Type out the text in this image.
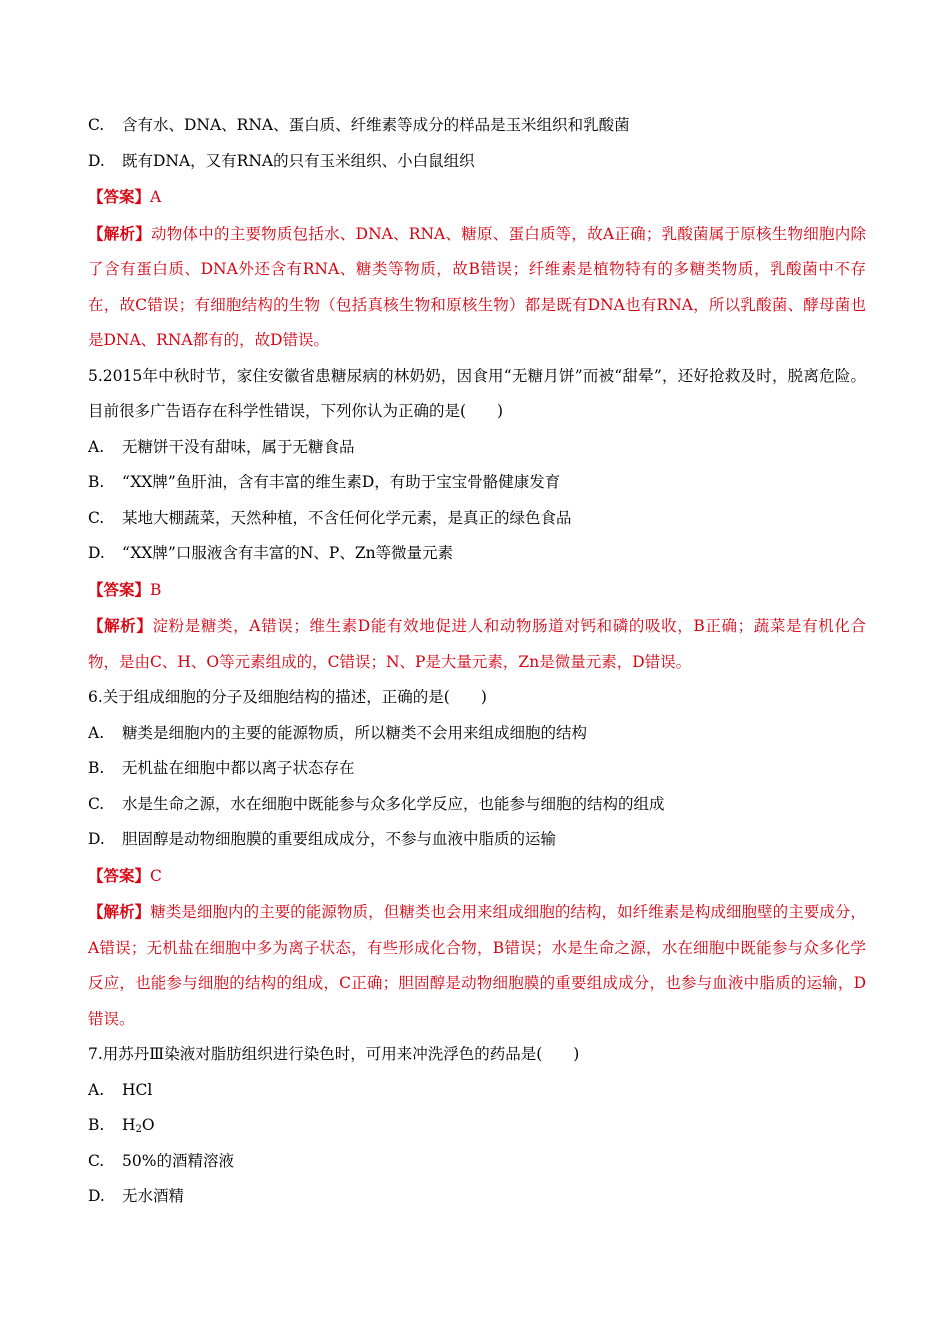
C.	含有水、DNA、RNA、蛋白质、纤维素等成分的样品是玉米组织和乳酸菌
D.	既有DNA，又有RNA的只有玉米组织、小白鼠组织
【答案】A
【解析】动物体中的主要物质包括水、DNA、RNA、糖原、蛋白质等，故A正确；乳酸菌属于原核生物细胞内除了含有蛋白质、DNA外还含有RNA、糖类等物质，故B错误；纤维素是植物特有的多糖类物质，乳酸菌中不存在，故C错误；有细胞结构的生物（包括真核生物和原核生物）都是既有DNA也有RNA，所以乳酸菌、酵母菌也是DNA、RNA都有的，故D错误。
5.2015年中秋时节，家住安徽省患糖尿病的林奶奶，因食用“无糖月饼”而被“甜晕”，还好抢救及时，脱离危险。目前很多广告语存在科学性错误，下列你认为正确的是(　　)
A.	无糖饼干没有甜味，属于无糖食品
B.	“XX牌”鱼肝油，含有丰富的维生素D，有助于宝宝骨骼健康发育
C.	某地大棚蔬菜，天然种植，不含任何化学元素，是真正的绿色食品
D.	“XX牌”口服液含有丰富的N、P、Zn等微量元素
【答案】B
【解析】淀粉是糖类，A错误；维生素D能有效地促进人和动物肠道对钙和磷的吸收，B正确；蔬菜是有机化合物，是由C、H、O等元素组成的，C错误；N、P是大量元素，Zn是微量元素，D错误。
6.关于组成细胞的分子及细胞结构的描述，正确的是(　　)
A.	糖类是细胞内的主要的能源物质，所以糖类不会用来组成细胞的结构
B.	无机盐在细胞中都以离子状态存在
C.	水是生命之源，水在细胞中既能参与众多化学反应，也能参与细胞的结构的组成
D.	胆固醇是动物细胞膜的重要组成成分，不参与血液中脂质的运输
【答案】C
【解析】糖类是细胞内的主要的能源物质，但糖类也会用来组成细胞的结构，如纤维素是构成细胞壁的主要成分，A错误；无机盐在细胞中多为离子状态，有些形成化合物，B错误；水是生命之源，水在细胞中既能参与众多化学反应，也能参与细胞的结构的组成，C正确；胆固醇是动物细胞膜的重要组成成分，也参与血液中脂质的运输，D错误。
7.用苏丹Ⅲ染液对脂肪组织进行染色时，可用来冲洗浮色的药品是(　　)
A.	HCl
B.	$H_2O$
C.	50%的酒精溶液
D.	无水酒精
